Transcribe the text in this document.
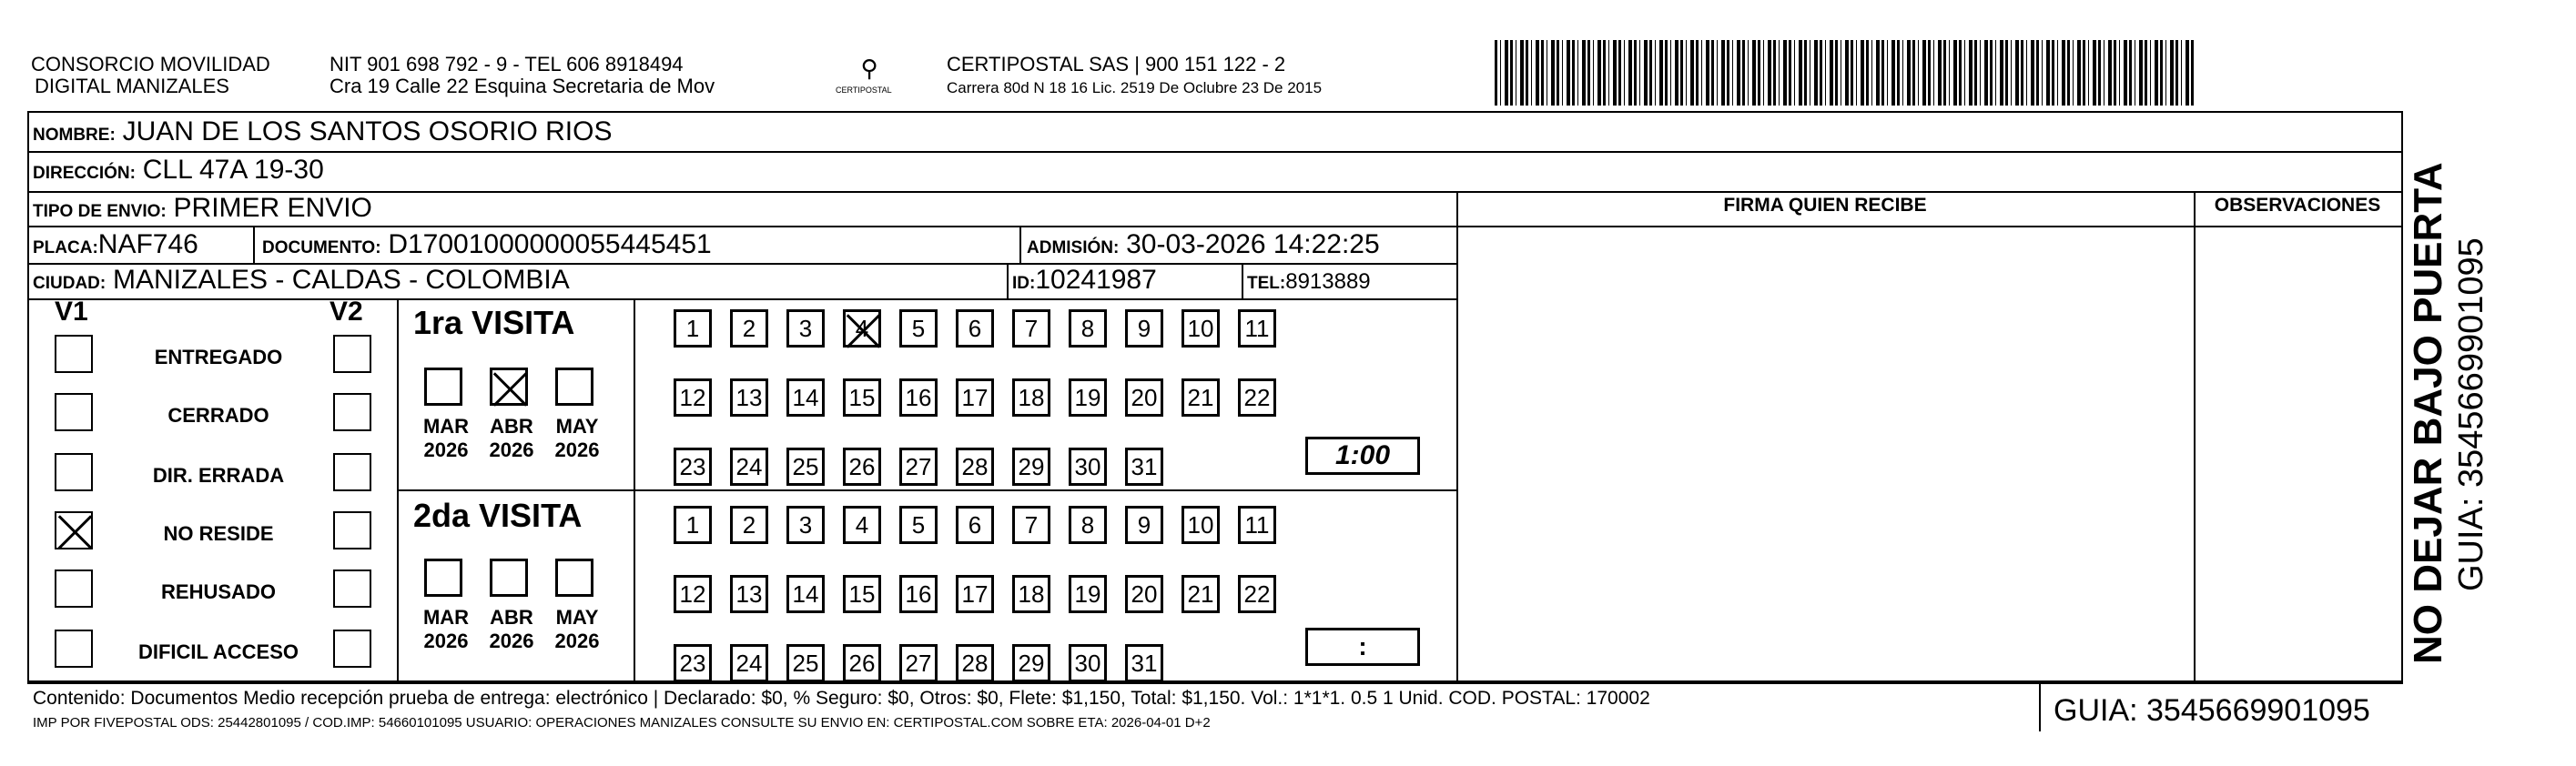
CONSORCIO MOVILIDAD
DIGITAL MANIZALES
NIT 901 698 792 - 9 - TEL 606 8918494
Cra 19 Calle 22 Esquina Secretaria de Mov
⚲
CERTIPOSTAL
CERTIPOSTAL SAS | 900 151 122 - 2
Carrera 80d N 18 16 Lic. 2519 De Oclubre 23 De 2015
NOMBRE: JUAN DE LOS SANTOS OSORIO RIOS
DIRECCIÓN: CLL 47A 19-30
TIPO DE ENVIO: PRIMER ENVIO
PLACA:NAF746	DOCUMENTO: D17001000000055445451	ADMISIÓN: 30-03-2026 14:22:25
CIUDAD: MANIZALES - CALDAS - COLOMBIA	ID:10241987	TEL:8913889
FIRMA QUIEN RECIBE	OBSERVACIONES
V1	V2
ENTREGADO
CERRADO
DIR. ERRADA
NO RESIDE
REHUSADO
DIFICIL ACCESO
1ra VISITA
2da VISITA
MAR
2026
ABR
2026
MAY
2026
MAR
2026
ABR
2026
MAY
2026
1	2	3	4	5	6	7	8	9	10 11
12 13 14 15 16 17 18 19 20 21 22
23 24 25 26 27 28 29 30 31
1	2	3	4	5	6	7	8	9	10 11
12 13 14 15 16 17 18 19 20 21 22
23 24 25 26 27 28 29 30 31
1:00
:	NO DEJAR BAJO PUERTA GUIA: 3545669901095
Contenido: Documentos Medio recepción prueba de entrega: electrónico | Declarado: $0, % Seguro: $0, Otros: $0, Flete: $1,150, Total: $1,150. Vol.: 1*1*1. 0.5 1 Unid. COD. POSTAL: 170002
IMP POR FIVEPOSTAL ODS: 25442801095 / COD.IMP: 54660101095 USUARIO: OPERACIONES MANIZALES CONSULTE SU ENVIO EN: CERTIPOSTAL.COM SOBRE ETA: 2026-04-01 D+2	GUIA: 3545669901095
